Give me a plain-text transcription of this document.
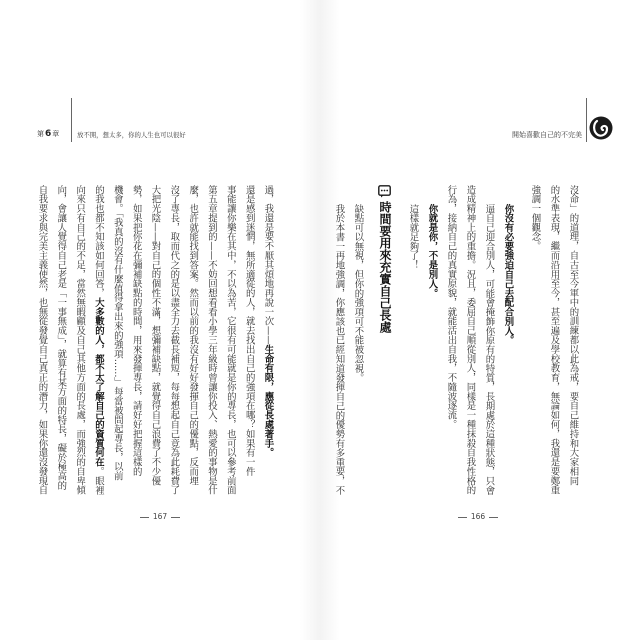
第6章	放不開，想太多，你的人生也可以很好	開始喜歡自己的不完美
沒命」的道理，自古至今軍中的訓練都以此為戒，要自己維持和大家相同
的水準表現，繼而沿用至今，甚至遍及學校教育，無論如何，我還是要鄭重
強調一個觀念。
你沒有必要強迫自己去配合別人。
逼自己迎合別人，可能會掩飾你原有的特質，長期處於這種狀態，只會
造成精神上的重擔。況且，委屈自己順從別人，同樣是一種抹殺自我性格的
行為，接納自己的真實原貌，就能活出自我，不隨波逐流。
你就是你，不是別人。
這樣就足夠了！
時間要用來充實自己長處
缺點可以無視，但你的強項可不能被忽視。
我於本書一再地強調，你應該也已經知道發揮自己的優勢有多重要，不
過，我還是要不厭其煩地再說一次——生命有限，應從長處著手。
還是感到迷惘，無所適從的人，就去找出自己的強項在哪？如果有一件
事能讓你樂在其中，不以為苦，它很有可能就是你的專長，也可以參考前面
第五章提到的——不妨回想看看小學三年級時曾讓你投入、熱愛的事物是什
麼，也許就能找到答案。然而以前的我沒有好好發揮自己的優點，反而埋
沒了專長，取而代之的是以盡全力去截長補短，每每想起自己竟為此耗費了
大把光陰——對自己的個性不滿，想彌補缺點，就覺得自己浪費了不少優
勢，如果把你花在彌補缺點的時間，用來發揮專長，請好好把握這樣的
機會。「我真的沒有什麼值得拿出來的強項……」每當被問起專長，以前
的我也都不知該如何回答，大多數的人，都不太了解自己的資質何在。眼裡
向來只有自己的不足，當然無暇顧及自己其他方面的長處，而強烈的自卑傾
向，會讓人覺得自己老是「一事無成」，就算有某方面的特長，礙於極高的
自我要求與完美主義使然，也無從發覺自己真正的潛力，如果你還沒發現自
167	166
